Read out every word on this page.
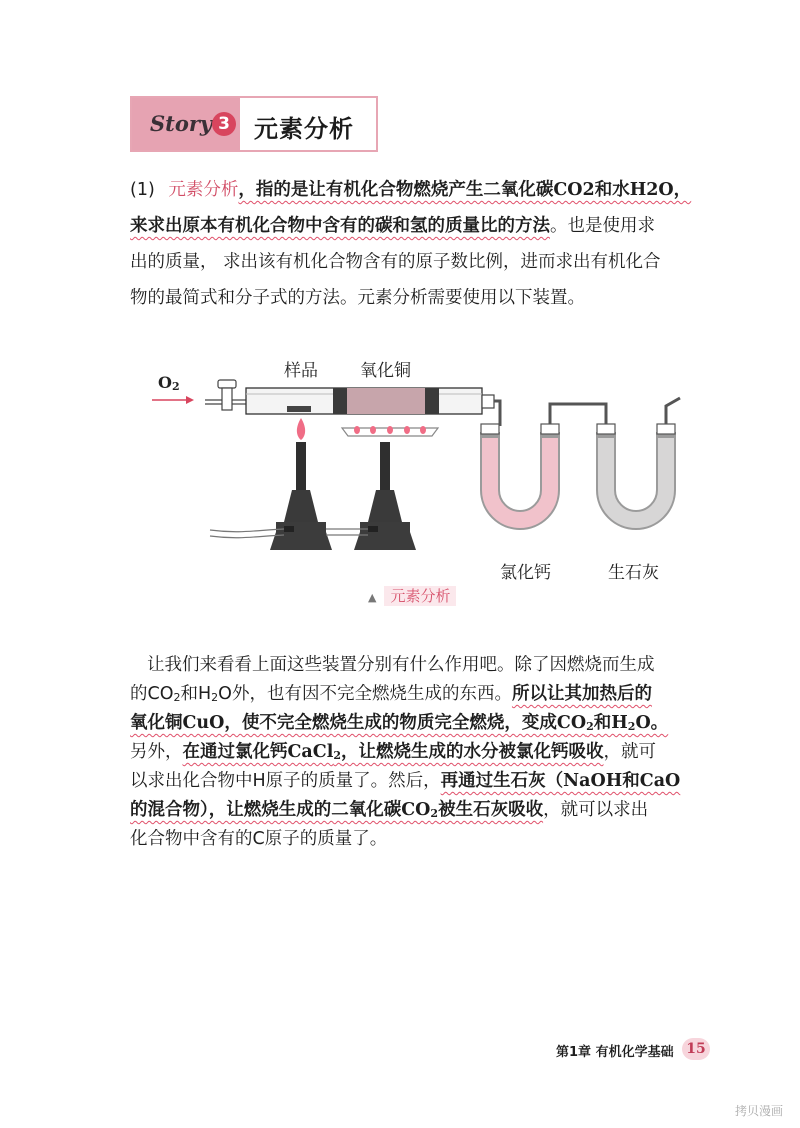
Story 3 元素分析
(1) 元素分析，指的是让有机化合物燃烧产生二氧化碳CO2和水H2O，
来求出原本有机化合物中含有的碳和氢的质量比的方法。也是使用求
出的质量， 求出该有机化合物含有的原子数比例，进而求出有机化合
物的最简式和分子式的方法。元素分析需要使用以下装置。
$O_2$
样品 氧化铜
氯化钙	生石灰
▲ 元素分析
让我们来看看上面这些装置分别有什么作用吧。除了因燃烧而生成
的$CO_2$和$H_2O$外，也有因不完全燃烧生成的东西。所以让其加热后的
氧化铜CuO，使不完全燃烧生成的物质完全燃烧，变成$CO_2$和$H_2O$。
另外，在通过氯化钙CaCl$_2$，让燃烧生成的水分被氯化钙吸收，就可
以求出化合物中H原子的质量了。然后，再通过生石灰（NaOH和CaO
的混合物），让燃烧生成的二氧化碳$CO_2$被生石灰吸收，就可以求出
化合物中含有的C原子的质量了。
第1章 有机化学基础 15
拷贝漫画
